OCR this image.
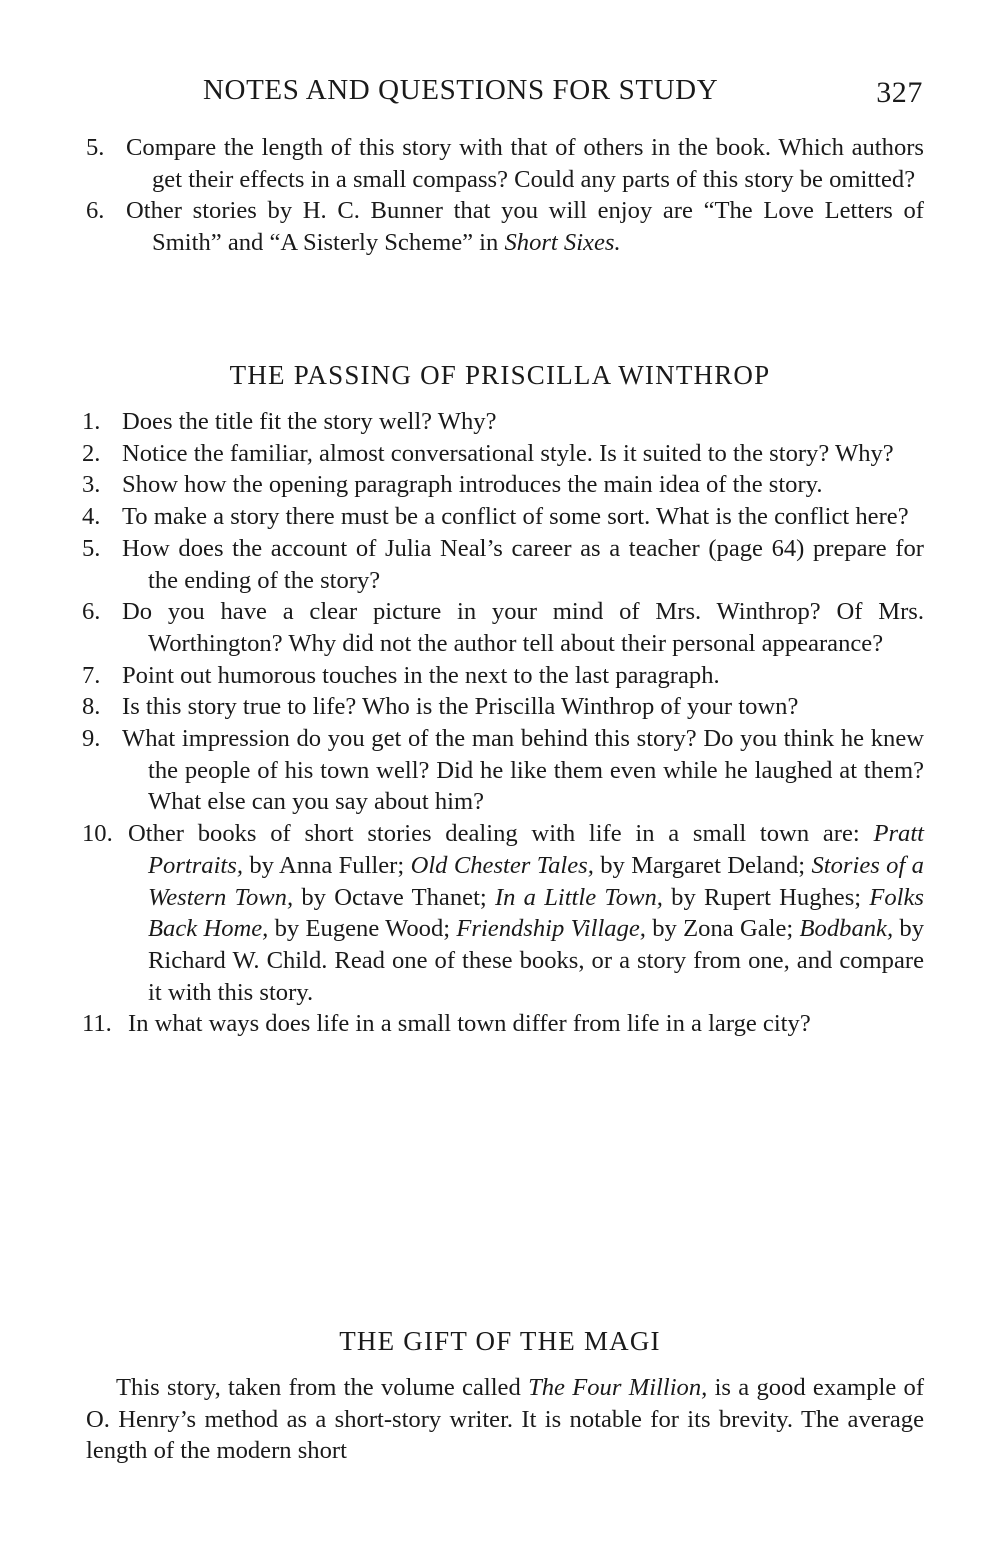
NOTES AND QUESTIONS FOR STUDY	327
5. Compare the length of this story with that of others in the book. Which authors get their effects in a small compass? Could any parts of this story be omitted?
6. Other stories by H. C. Bunner that you will enjoy are “The Love Letters of Smith” and “A Sisterly Scheme” in Short Sixes.
THE PASSING OF PRISCILLA WINTHROP
1. Does the title fit the story well? Why?
2. Notice the familiar, almost conversational style. Is it suited to the story? Why?
3. Show how the opening paragraph introduces the main idea of the story.
4. To make a story there must be a conflict of some sort. What is the conflict here?
5. How does the account of Julia Neal’s career as a teacher (page 64) prepare for the ending of the story?
6. Do you have a clear picture in your mind of Mrs. Winthrop? Of Mrs. Worthington? Why did not the author tell about their personal appearance?
7. Point out humorous touches in the next to the last paragraph.
8. Is this story true to life? Who is the Priscilla Winthrop of your town?
9. What impression do you get of the man behind this story? Do you think he knew the people of his town well? Did he like them even while he laughed at them? What else can you say about him?
10. Other books of short stories dealing with life in a small town are: Pratt Portraits, by Anna Fuller; Old Chester Tales, by Margaret Deland; Stories of a Western Town, by Octave Thanet; In a Little Town, by Rupert Hughes; Folks Back Home, by Eugene Wood; Friendship Village, by Zona Gale; Bodbank, by Richard W. Child. Read one of these books, or a story from one, and compare it with this story.
11. In what ways does life in a small town differ from life in a large city?
THE GIFT OF THE MAGI
This story, taken from the volume called The Four Million, is a good example of O. Henry’s method as a short-story writer. It is notable for its brevity. The average length of the modern short
